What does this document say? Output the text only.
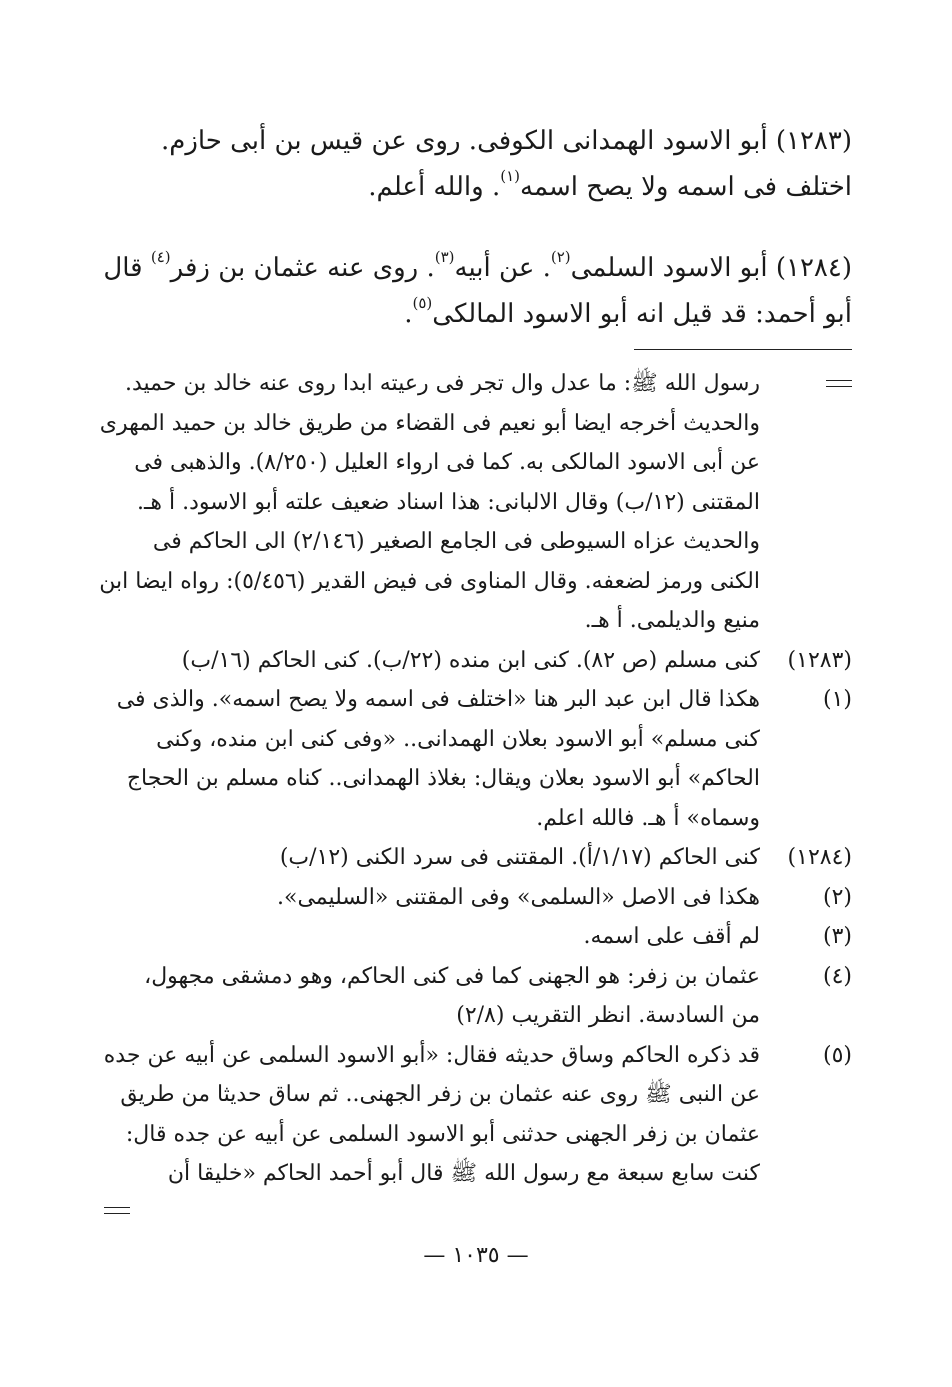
(١٢٨٣) أبو الاسود الهمدانى الكوفى. روى عن قيس بن أبى حازم.
اختلف فى اسمه ولا يصح اسمه$^{(١)}$. والله أعلم.
(١٢٨٤) أبو الاسود السلمى$^{(٢)}$. عن أبيه$^{(٣)}$. روى عنه عثمان بن زفر$^{(٤)}$ قال
أبو أحمد: قد قيل انه أبو الاسود المالكى$^{(٥)}$.
رسول الله ﷺ: ما عدل وال تجر فى رعيته ابدا روى عنه خالد بن حميد.
والحديث أخرجه ايضا أبو نعيم فى القضاء من طريق خالد بن حميد المهرى
عن أبى الاسود المالكى به. كما فى ارواء العليل (٨/٢٥٠). والذهبى فى
المقتنى (١٢/ب) وقال الالبانى: هذا اسناد ضعيف علته أبو الاسود. أ هـ.
والحديث عزاه السيوطى فى الجامع الصغير (٢/١٤٦) الى الحاكم فى
الكنى ورمز لضعفه. وقال المناوى فى فيض القدير (٥/٤٥٦): رواه ايضا ابن
منيع والديلمى. أ هـ.
(١٢٨٣)
كنى مسلم (ص ٨٢). كنى ابن منده (٢٢/ب). كنى الحاكم (١٦/ب)
(١)
هكذا قال ابن عبد البر هنا «اختلف فى اسمه ولا يصح اسمه». والذى فى
كنى مسلم» أبو الاسود بعلان الهمدانى.. «وفى كنى ابن منده، وكنى
الحاكم» أبو الاسود بعلان ويقال: بغلاذ الهمدانى.. كناه مسلم بن الحجاج
وسماه» أ هـ. فالله اعلم.
(١٢٨٤)
كنى الحاكم (١/١٧/أ). المقتنى فى سرد الكنى (١٢/ب)
(٢)
هكذا فى الاصل «السلمى» وفى المقتنى «السليمى».
(٣)
لم أقف على اسمه.
(٤)
عثمان بن زفر: هو الجهنى كما فى كنى الحاكم، وهو دمشقى مجهول،
من السادسة. انظر التقريب (٢/٨)
(٥)
قد ذكره الحاكم وساق حديثه فقال: «أبو الاسود السلمى عن أبيه عن جده
عن النبى ﷺ روى عنه عثمان بن زفر الجهنى.. ثم ساق حديثا من طريق
عثمان بن زفر الجهنى حدثنى أبو الاسود السلمى عن أبيه عن جده قال:
كنت سابع سبعة مع رسول الله ﷺ قال أبو أحمد الحاكم «خليقا أن
— ١٠٣٥ —
